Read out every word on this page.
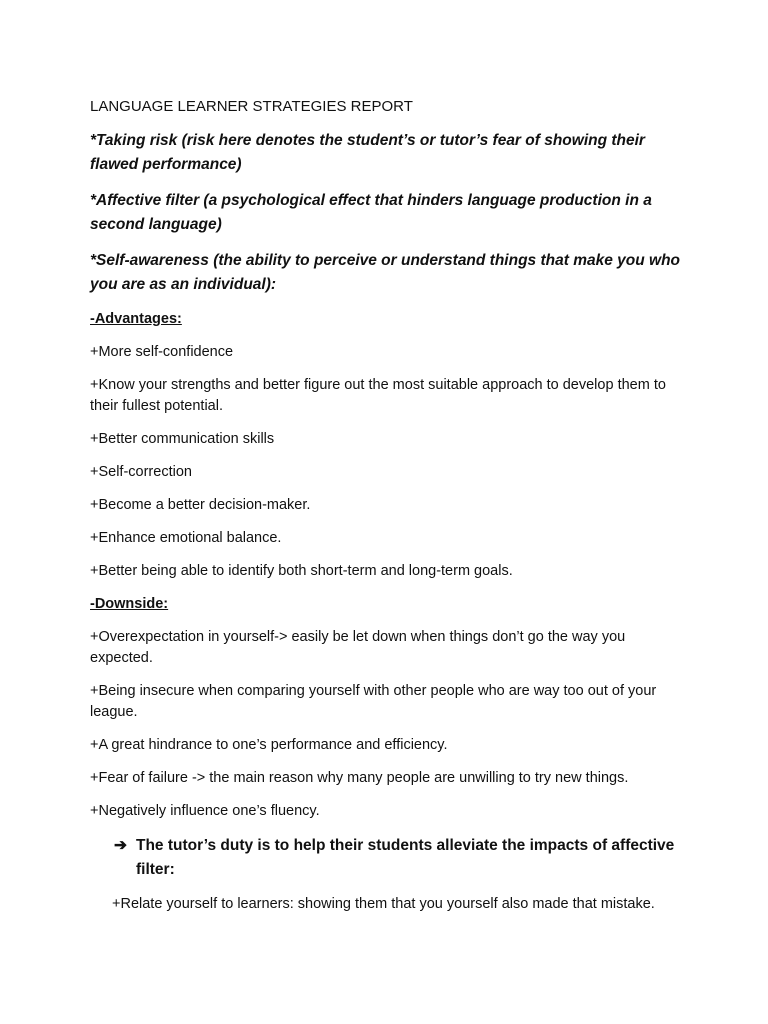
LANGUAGE LEARNER STRATEGIES REPORT

*Taking risk (risk here denotes the student’s or tutor’s fear of showing their flawed performance)

*Affective filter (a psychological effect that hinders language production in a second language)

*Self-awareness (the ability to perceive or understand things that make you who you are as an individual):

-Advantages:

+More self-confidence

+Know your strengths and better figure out the most suitable approach to develop them to their fullest potential.

+Better communication skills

+Self-correction

+Become a better decision-maker.

+Enhance emotional balance.

+Better being able to identify both short-term and long-term goals.

-Downside:

+Overexpectation in yourself-> easily be let down when things don’t go the way you expected.

+Being insecure when comparing yourself with other people who are way too out of your league.

+A great hindrance to one’s performance and efficiency.

+Fear of failure -> the main reason why many people are unwilling to try new things.

+Negatively influence one’s fluency.

➔ The tutor’s duty is to help their students alleviate the impacts of affective filter:

+Relate yourself to learners: showing them that you yourself also made that mistake.
